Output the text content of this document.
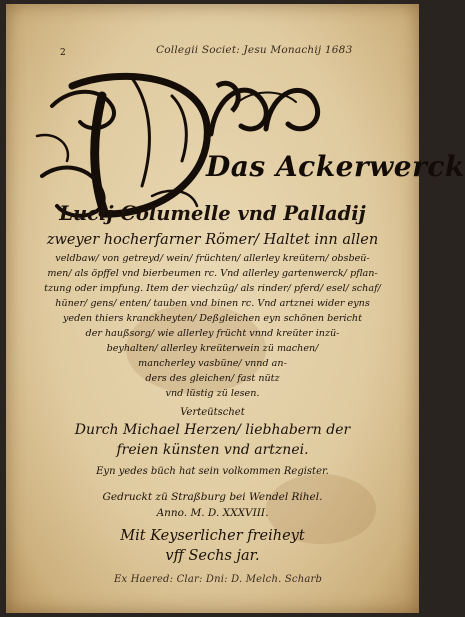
2	Collegii Societ: Jesu Monachij 1683
Das Ackerwerck
Lucij Columelle vnd Palladij
zweyer hocherfarner Römer/ Haltet inn allen
veldbaw/ von getreyd/ wein/ früchten/ allerley kreütern/ obsbeü-
men/ als öpffel vnd bierbeumen rc. Vnd allerley gartenwerck/ pflan-
tzung oder impfung. Item der viechzüg/ als rinder/ pferd/ esel/ schaf/
hüner/ gens/ enten/ tauben vnd binen rc. Vnd artznei wider eyns
yeden thiers kranckheyten/ Deßgleichen eyn schönen bericht
der haußsorg/ wie allerley frücht vnnd kreüter inzü-
beyhalten/ allerley kreüterwein zü machen/
mancherley vasbüne/ vnnd an-
ders des gleichen/ fast nütz
vnd lüstig zü lesen.
Verteütschet
Durch Michael Herzen/ liebhabern der
freien künsten vnd artznei.
Eyn yedes büch hat sein volkommen Register.
Gedruckt zü Straßburg bei Wendel Rihel.
Anno. M. D. XXXVIII.
Mit Keyserlicher freiheyt
vff Sechs jar.
Ex Haered: Clar: Dni: D. Melch. Scharb
